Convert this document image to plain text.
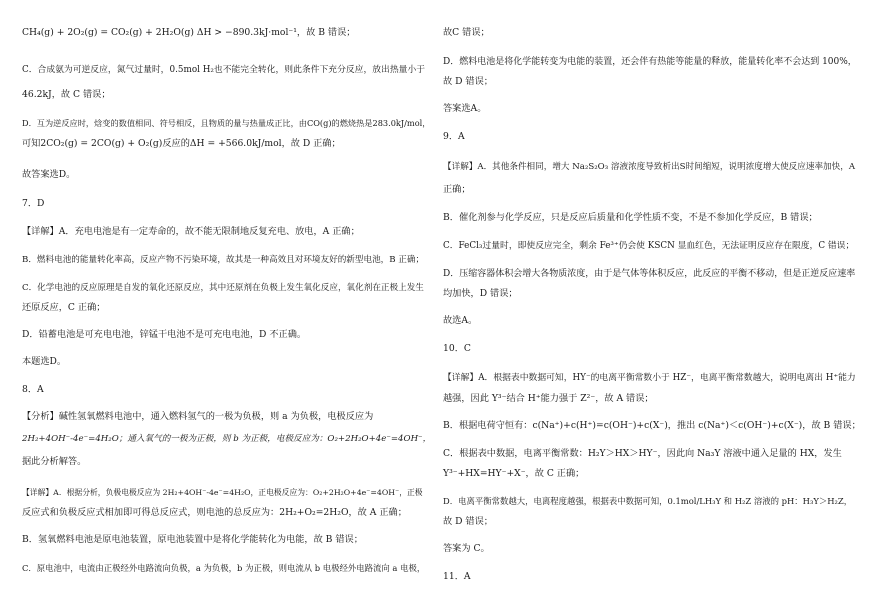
CH₄(g) + 2O₂(g) = CO₂(g) + 2H₂O(g) ΔH > −890.3kJ·mol⁻¹，故 B 错误；
C．合成氨为可逆反应，氮气过量时，0.5mol H₂也不能完全转化，则此条件下充分反应，放出热量小于
46.2kJ，故 C 错误；
D．互为逆反应时，焓变的数值相同、符号相反，且物质的量与热量成正比，由CO(g)的燃烧热是283.0kJ/mol，
可知2CO₂(g) = 2CO(g) + O₂(g)反应的ΔH = +566.0kJ/mol，故 D 正确；
故答案选D。
7．D
【详解】A．充电电池是有一定寿命的，故不能无限制地反复充电、放电，A 正确；
B．燃料电池的能量转化率高，反应产物不污染环境，故其是一种高效且对环境友好的新型电池，B 正确；
C．化学电池的反应原理是自发的氧化还原反应，其中还原剂在负极上发生氧化反应，氧化剂在正极上发生
还原反应，C 正确；
D．铅蓄电池是可充电电池，锌锰干电池不是可充电电池，D 不正确。
本题选D。
8．A
【分析】碱性氢氧燃料电池中，通入燃料氢气的一极为负极，则 a 为负极，电极反应为
2H₂+4OH⁻-4e⁻=4H₂O；通入氧气的一极为正极，则 b 为正极，电极反应为：O₂+2H₂O+4e⁻=4OH⁻，
据此分析解答。
【详解】A．根据分析，负极电极反应为 2H₂+4OH⁻-4e⁻=4H₂O，正电极反应为：O₂+2H₂O+4e⁻=4OH⁻，正极
反应式和负极反应式相加即可得总反应式，则电池的总反应为：2H₂+O₂=2H₂O，故 A 正确；
B．氢氧燃料电池是原电池装置，原电池装置中是将化学能转化为电能，故 B 错误；
C．原电池中，电流由正极经外电路流向负极，a 为负极，b 为正极，则电流从 b 电极经外电路流向 a 电极，
故C 错误；
D．燃料电池是将化学能转变为电能的装置，还会伴有热能等能量的释放，能量转化率不会达到 100%，
故 D 错误；
答案选A。
9．A
【详解】A．其他条件相同，增大 Na₂S₂O₃ 溶液浓度导致析出S时间缩短，说明浓度增大使反应速率加快，A
正确；
B．催化剂参与化学反应，只是反应后质量和化学性质不变，不是不参加化学反应，B 错误；
C．FeCl₃过量时，即使反应完全，剩余 Fe³⁺仍会使 KSCN 显血红色，无法证明反应存在限度，C 错误；
D．压缩容器体积会增大各物质浓度，由于是气体等体积反应，此反应的平衡不移动，但是正逆反应速率
均加快，D 错误；
故选A。
10．C
【详解】A．根据表中数据可知，HY⁻的电离平衡常数小于 HZ⁻，电离平衡常数越大，说明电离出 H⁺能力
越强，因此 Y³⁻结合 H⁺能力强于 Z²⁻，故 A 错误；
B．根据电荷守恒有：c(Na⁺)+c(H⁺)=c(OH⁻)+c(X⁻)，推出 c(Na⁺)＜c(OH⁻)+c(X⁻)，故 B 错误；
C．根据表中数据，电离平衡常数：H₂Y＞HX＞HY⁻，因此向 Na₃Y 溶液中通入足量的 HX，发生
Y³⁻+HX=HY⁻+X⁻，故 C 正确；
D．电离平衡常数越大，电离程度越强，根据表中数据可知，0.1mol/LH₃Y 和 H₂Z 溶液的 pH：H₃Y＞H₂Z，
故 D 错误；
答案为 C。
11．A
